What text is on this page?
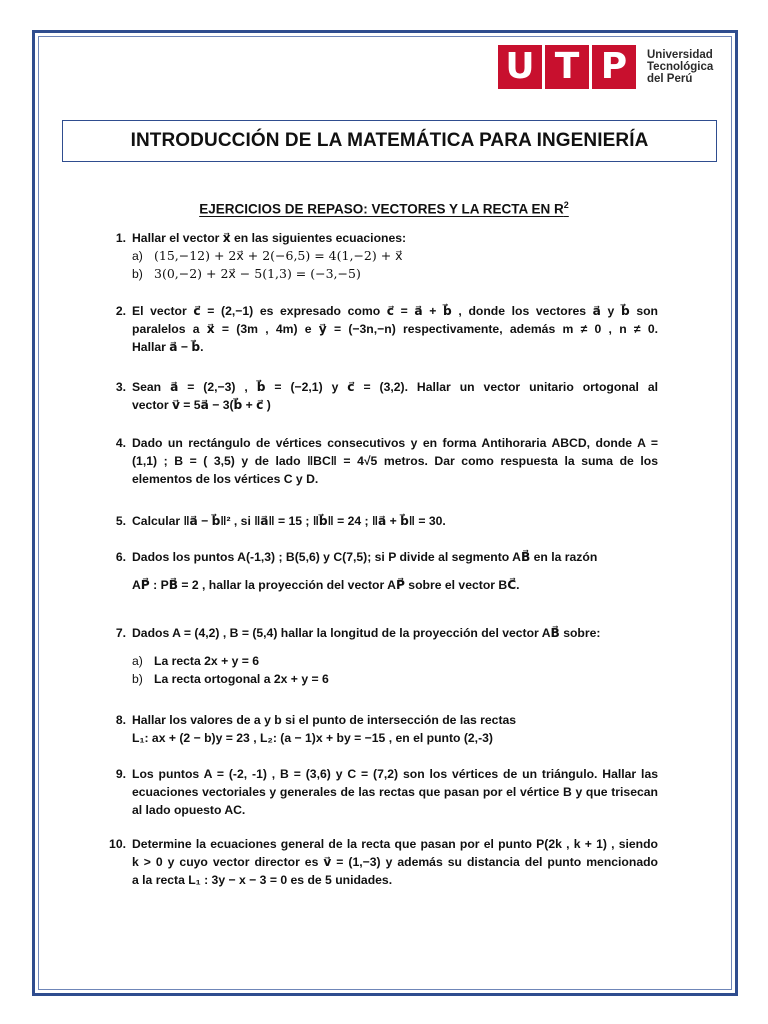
U T P	Universidad
Tecnológica
del Perú
INTRODUCCIÓN DE LA MATEMÁTICA PARA INGENIERÍA
EJERCICIOS DE REPASO: VECTORES Y LA RECTA EN $R^2$
1. Hallar el vector x⃗ en las siguientes ecuaciones:
a) (15,−12) + 2x⃗ + 2(−6,5) = 4(1,−2) + x⃗
b) 3(0,−2) + 2x⃗ − 5(1,3) = (−3,−5)
2. El vector c⃗ = (2,−1) es expresado como c⃗ = a⃗ + b⃗ , donde los vectores a⃗ y b⃗ son
paralelos a x⃗ = (3m , 4m) e y⃗ = (−3n,−n) respectivamente, además m ≠ 0 , n ≠ 0.
Hallar a⃗ − b⃗.
3. Sean a⃗ = (2,−3) , b⃗ = (−2,1) y c⃗ = (3,2). Hallar un vector unitario ortogonal al
vector v⃗ = 5a⃗ − 3(b⃗ + c⃗ )
4. Dado un rectángulo de vértices consecutivos y en forma Antihoraria ABCD, donde A =
(1,1) ; B = ( 3,5) y de lado ‖BC‖ = 4√5 metros. Dar como respuesta la suma de los
elementos de los vértices C y D.
5. Calcular ‖a⃗ − b⃗‖² , si ‖a⃗‖ = 15 ; ‖b⃗‖ = 24 ; ‖a⃗ + b⃗‖ = 30.
6. Dados los puntos A(-1,3) ; B(5,6) y C(7,5); si P divide al segmento AB⃗ en la razón
AP⃗ : PB⃗ = 2 , hallar la proyección del vector AP⃗ sobre el vector BC⃗.
7. Dados A = (4,2) , B = (5,4) hallar la longitud de la proyección del vector AB⃗ sobre:
a) La recta 2x + y = 6
b) La recta ortogonal a 2x + y = 6
8. Hallar los valores de a y b si el punto de intersección de las rectas
L₁: ax + (2 − b)y = 23 , L₂: (a − 1)x + by = −15 , en el punto (2,-3)
9. Los puntos A = (-2, -1) , B = (3,6) y C = (7,2) son los vértices de un triángulo. Hallar las
ecuaciones vectoriales y generales de las rectas que pasan por el vértice B y que trisecan
al lado opuesto AC.
10. Determine la ecuaciones general de la recta que pasan por el punto P(2k , k + 1) , siendo
k > 0 y cuyo vector director es v⃗ = (1,−3) y además su distancia del punto mencionado
a la recta L₁ : 3y − x − 3 = 0 es de 5 unidades.
